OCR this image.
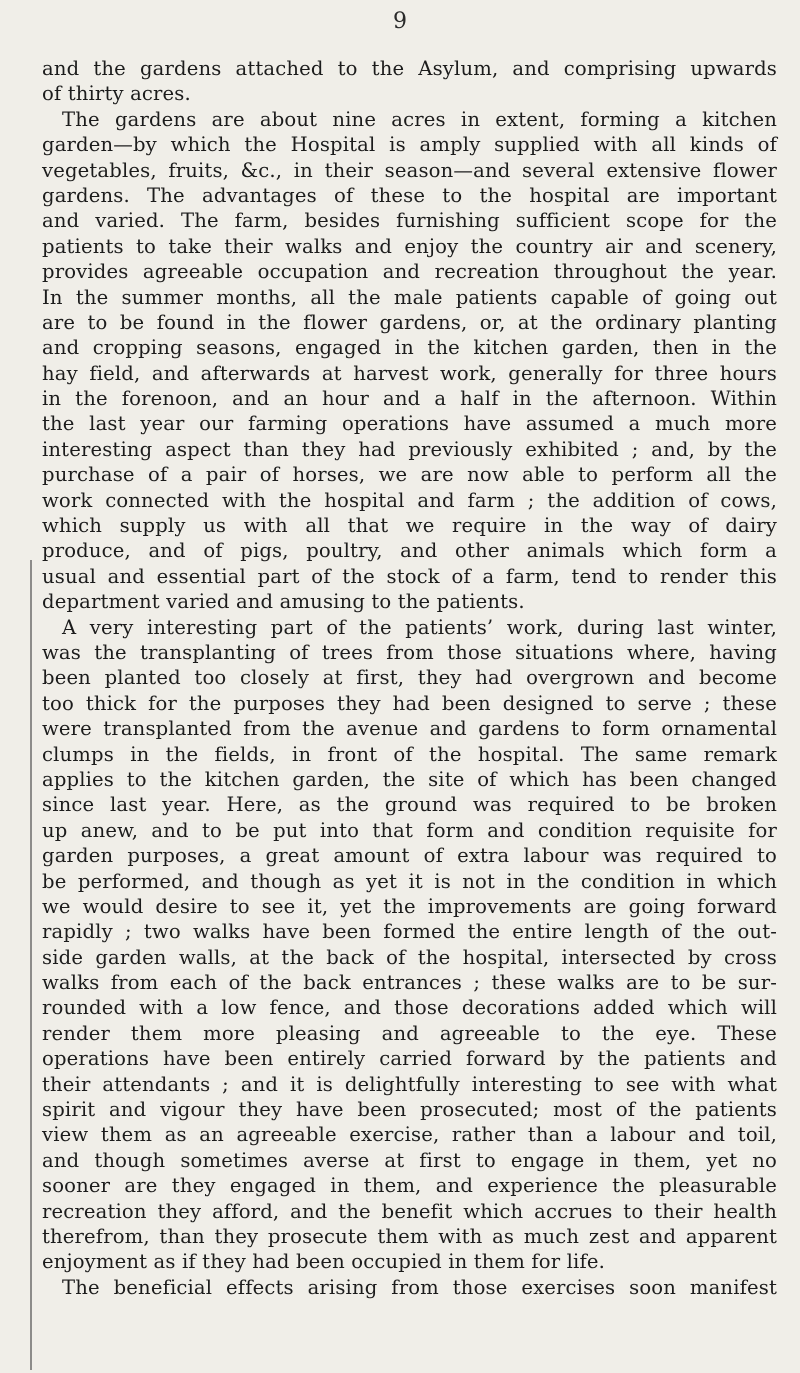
9
and the gardens attached to the Asylum, and comprising upwards
of thirty acres.
The gardens are about nine acres in extent, forming a kitchen
garden—by which the Hospital is amply supplied with all kinds of
vegetables, fruits, &c., in their season—and several extensive flower
gardens. The advantages of these to the hospital are important
and varied. The farm, besides furnishing sufficient scope for the
patients to take their walks and enjoy the country air and scenery,
provides agreeable occupation and recreation throughout the year.
In the summer months, all the male patients capable of going out
are to be found in the flower gardens, or, at the ordinary planting
and cropping seasons, engaged in the kitchen garden, then in the
hay field, and afterwards at harvest work, generally for three hours
in the forenoon, and an hour and a half in the afternoon. Within
the last year our farming operations have assumed a much more
interesting aspect than they had previously exhibited ; and, by the
purchase of a pair of horses, we are now able to perform all the
work connected with the hospital and farm ; the addition of cows,
which supply us with all that we require in the way of dairy
produce, and of pigs, poultry, and other animals which form a
usual and essential part of the stock of a farm, tend to render this
department varied and amusing to the patients.
A very interesting part of the patients’ work, during last winter,
was the transplanting of trees from those situations where, having
been planted too closely at first, they had overgrown and become
too thick for the purposes they had been designed to serve ; these
were transplanted from the avenue and gardens to form ornamental
clumps in the fields, in front of the hospital. The same remark
applies to the kitchen garden, the site of which has been changed
since last year. Here, as the ground was required to be broken
up anew, and to be put into that form and condition requisite for
garden purposes, a great amount of extra labour was required to
be performed, and though as yet it is not in the condition in which
we would desire to see it, yet the improvements are going forward
rapidly ; two walks have been formed the entire length of the out-
side garden walls, at the back of the hospital, intersected by cross
walks from each of the back entrances ; these walks are to be sur-
rounded with a low fence, and those decorations added which will
render them more pleasing and agreeable to the eye. These
operations have been entirely carried forward by the patients and
their attendants ; and it is delightfully interesting to see with what
spirit and vigour they have been prosecuted; most of the patients
view them as an agreeable exercise, rather than a labour and toil,
and though sometimes averse at first to engage in them, yet no
sooner are they engaged in them, and experience the pleasurable
recreation they afford, and the benefit which accrues to their health
therefrom, than they prosecute them with as much zest and apparent
enjoyment as if they had been occupied in them for life.
The beneficial effects arising from those exercises soon manifest
